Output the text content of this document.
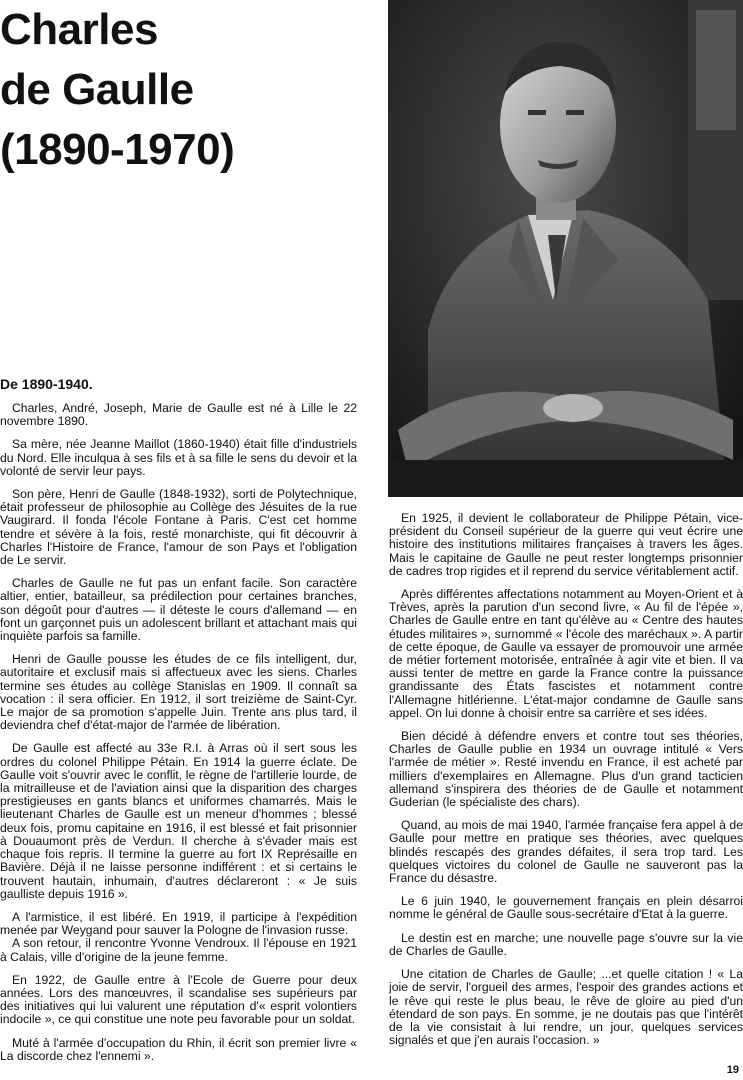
Charles
de Gaulle
(1890-1970)

De 1890-1940.

Charles, André, Joseph, Marie de Gaulle est né à Lille le 22 novembre 1890.

Sa mère, née Jeanne Maillot (1860-1940) était fille d'industriels du Nord. Elle inculqua à ses fils et à sa fille le sens du devoir et la volonté de servir leur pays.

Son père, Henri de Gaulle (1848-1932), sorti de Polytechnique, était professeur de philosophie au Collège des Jésuites de la rue Vaugirard. Il fonda l'école Fontane à Paris. C'est cet homme tendre et sévère à la fois, resté monarchiste, qui fit découvrir à Charles l'Histoire de France, l'amour de son Pays et l'obligation de Le servir.

Charles de Gaulle ne fut pas un enfant facile. Son caractère altier, entier, batailleur, sa prédilection pour certaines branches, son dégoût pour d'autres — il déteste le cours d'allemand — en font un garçonnet puis un adolescent brillant et attachant mais qui inquiète parfois sa famille.

Henri de Gaulle pousse les études de ce fils intelligent, dur, autoritaire et exclusif mais si affectueux avec les siens. Charles termine ses études au collège Stanislas en 1909. Il connaît sa vocation : il sera officier. En 1912, il sort treizième de Saint-Cyr. Le major de sa promotion s'appelle Juin. Trente ans plus tard, il deviendra chef d'état-major de l'armée de libération.

De Gaulle est affecté au 33e R.I. à Arras où il sert sous les ordres du colonel Philippe Pétain. En 1914 la guerre éclate. De Gaulle voit s'ouvrir avec le conflit, le règne de l'artillerie lourde, de la mitrailleuse et de l'aviation ainsi que la disparition des charges prestigieuses en gants blancs et uniformes chamarrés. Mais le lieutenant Charles de Gaulle est un meneur d'hommes ; blessé deux fois, promu capitaine en 1916, il est blessé et fait prisonnier à Douaumont près de Verdun. Il cherche à s'évader mais est chaque fois repris. Il termine la guerre au fort IX Représaille en Bavière. Déjà il ne laisse personne indifférent : et si certains le trouvent hautain, inhumain, d'autres déclareront : « Je suis gaulliste depuis 1916 ».

A l'armistice, il est libéré. En 1919, il participe à l'expédition menée par Weygand pour sauver la Pologne de l'invasion russe.

A son retour, il rencontre Yvonne Vendroux. Il l'épouse en 1921 à Calais, ville d'origine de la jeune femme.

En 1922, de Gaulle entre à l'Ecole de Guerre pour deux années. Lors des manœuvres, il scandalise ses supérieurs par des initiatives qui lui valurent une réputation d'« esprit volontiers indocile », ce qui constitue une note peu favorable pour un soldat.

Muté à l'armée d'occupation du Rhin, il écrit son premier livre « La discorde chez l'ennemi ».

En 1925, il devient le collaborateur de Philippe Pétain, vice-président du Conseil supérieur de la guerre qui veut écrire une histoire des institutions militaires françaises à travers les âges. Mais le capitaine de Gaulle ne peut rester longtemps prisonnier de cadres trop rigides et il reprend du service véritablement actif.

Après différentes affectations notamment au Moyen-Orient et à Trèves, après la parution d'un second livre, « Au fil de l'épée », Charles de Gaulle entre en tant qu'élève au « Centre des hautes études militaires », surnommé « l'école des maréchaux ». A partir de cette époque, de Gaulle va essayer de promouvoir une armée de métier fortement motorisée, entraînée à agir vite et bien. Il va aussi tenter de mettre en garde la France contre la puissance grandissante des États fascistes et notamment contre l'Allemagne hitlérienne. L'état-major condamne de Gaulle sans appel. On lui donne à choisir entre sa carrière et ses idées.

Bien décidé à défendre envers et contre tout ses théories, Charles de Gaulle publie en 1934 un ouvrage intitulé « Vers l'armée de métier ». Resté invendu en France, il est acheté par milliers d'exemplaires en Allemagne. Plus d'un grand tacticien allemand s'inspirera des théories de de Gaulle et notamment Guderian (le spécialiste des chars).

Quand, au mois de mai 1940, l'armée française fera appel à de Gaulle pour mettre en pratique ses théories, avec quelques blindés rescapés des grandes défaites, il sera trop tard. Les quelques victoires du colonel de Gaulle ne sauveront pas la France du désastre.

Le 6 juin 1940, le gouvernement français en plein désarroi nomme le général de Gaulle sous-secrétaire d'Etat à la guerre.

Le destin est en marche; une nouvelle page s'ouvre sur la vie de Charles de Gaulle.

Une citation de Charles de Gaulle; ...et quelle citation ! « La joie de servir, l'orgueil des armes, l'espoir des grandes actions et le rêve qui reste le plus beau, le rêve de gloire au pied d'un étendard de son pays. En somme, je ne doutais pas que l'intérêt de la vie consistait à lui rendre, un jour, quelques services signalés et que j'en aurais l'occasion. »

19
